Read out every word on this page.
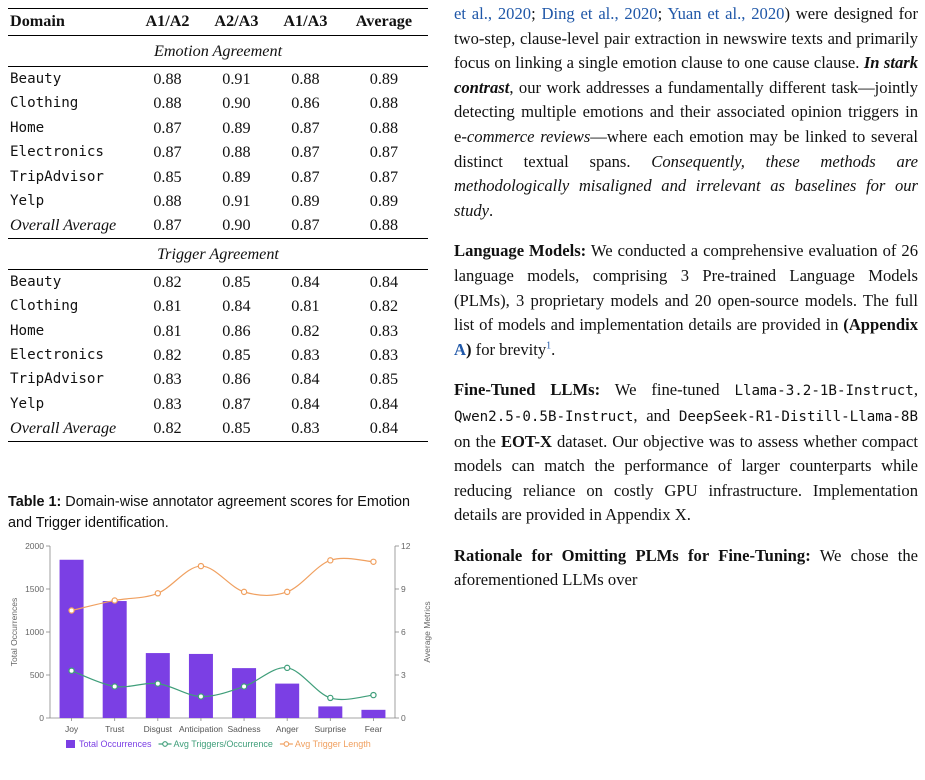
Domain	A1/A2	A2/A3	A1/A3	Average
Emotion Agreement				
Beauty	0.88	0.91	0.88	0.89
Clothing	0.88	0.90	0.86	0.88
Home	0.87	0.89	0.87	0.88
Electronics	0.87	0.88	0.87	0.87
TripAdvisor	0.85	0.89	0.87	0.87
Yelp	0.88	0.91	0.89	0.89
Overall Average	0.87	0.90	0.87	0.88
Trigger Agreement				
Beauty	0.82	0.85	0.84	0.84
Clothing	0.81	0.84	0.81	0.82
Home	0.81	0.86	0.82	0.83
Electronics	0.82	0.85	0.83	0.83
TripAdvisor	0.83	0.86	0.84	0.85
Yelp	0.83	0.87	0.84	0.84
Overall Average	0.82	0.85	0.83	0.84
Table 1: Domain-wise annotator agreement scores for Emotion and Trigger identification.
0
500
1000
1500
2000
0
3
6
9
12
Total Occurrences	Average Metrics
Joy	Trust Disgust Anticipation Sadness Anger Surprise Fear
Total Occurrences Avg Triggers/Occurrence Avg Trigger Length

et al., 2020; Ding et al., 2020; Yuan et al., 2020) were designed for two-step, clause-level pair extraction in newswire texts and primarily focus on linking a single emotion clause to one cause clause. In stark contrast, our work addresses a fundamentally different task—jointly detecting multiple emotions and their associated opinion triggers in e-commerce reviews—where each emotion may be linked to several distinct textual spans. Consequently, these methods are methodologically misaligned and irrelevant as baselines for our study.

Language Models: We conducted a comprehensive evaluation of 26 language models, comprising 3 Pre-trained Language Models (PLMs), 3 proprietary models and 20 open-source models. The full list of models and implementation details are provided in (Appendix A) for brevity$^1$.

Fine-Tuned LLMs: We fine-tuned Llama-3.2-1B-Instruct, Qwen2.5-0.5B-Instruct, and DeepSeek-R1-Distill-Llama-8B on the EOT-X dataset. Our objective was to assess whether compact models can match the performance of larger counterparts while reducing reliance on costly GPU infrastructure. Implementation details are provided in Appendix X.

Rationale for Omitting PLMs for Fine-Tuning: We chose the aforementioned LLMs over
